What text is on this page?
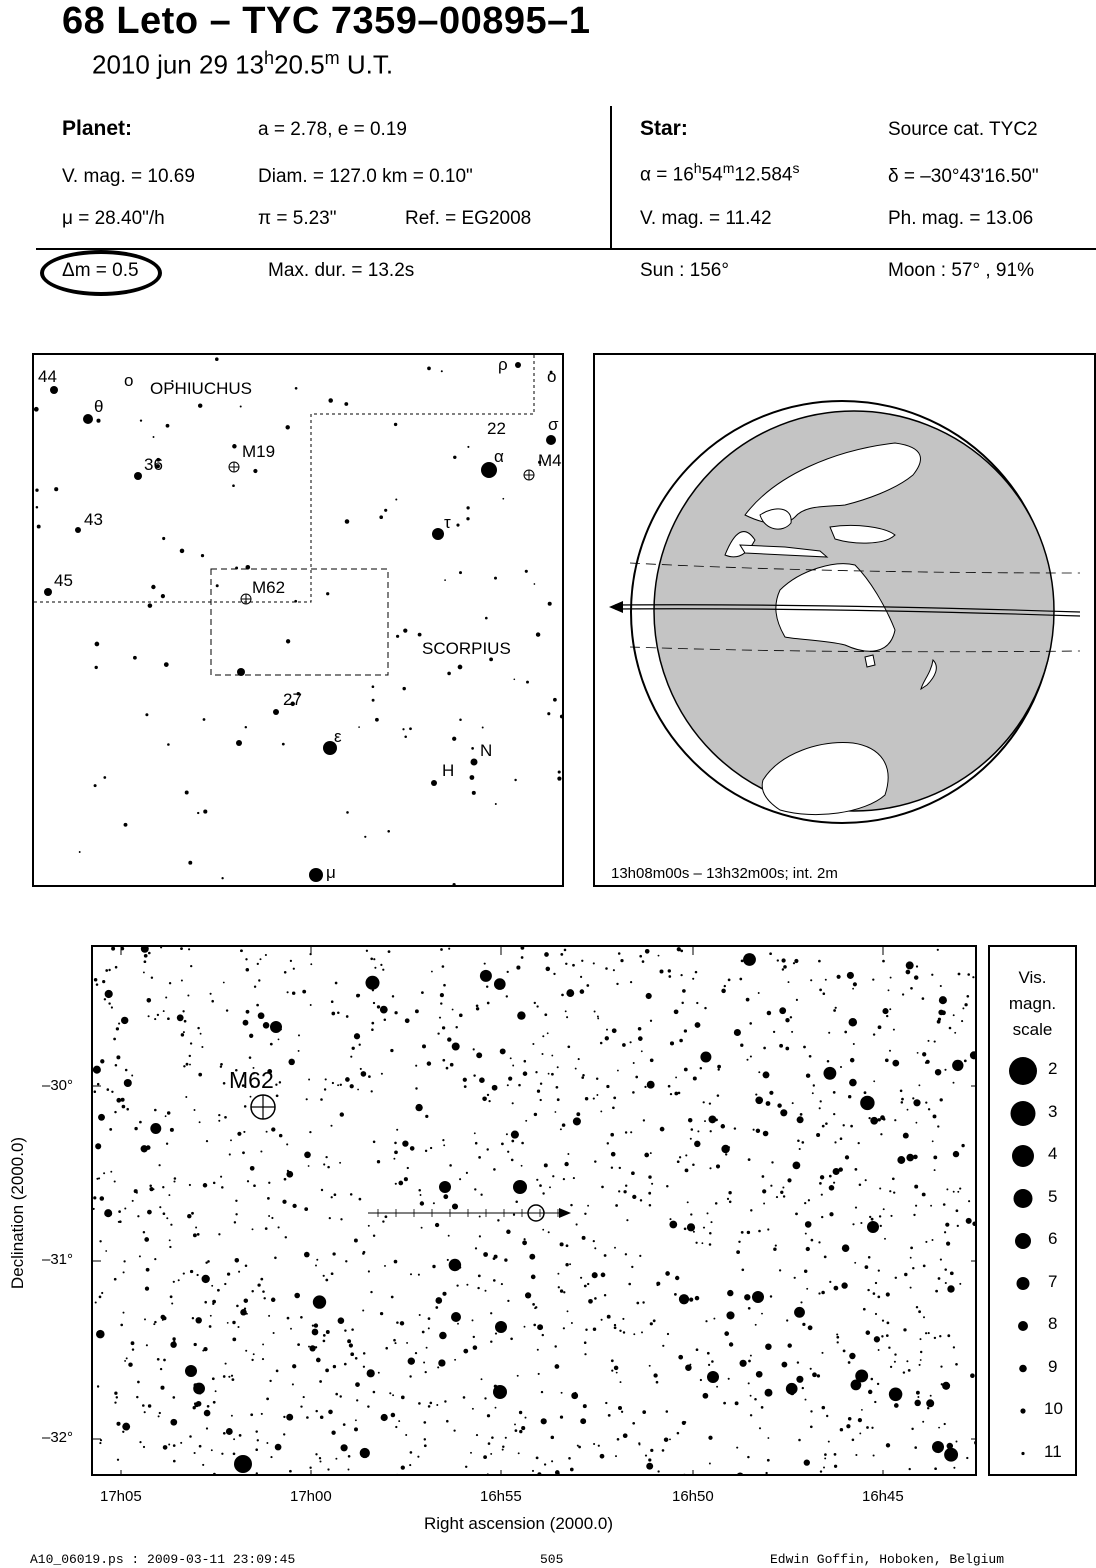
68 Leto – TYC 7359–00895–1
2010 jun 29 13$^h$20.5$^m$ U.T.
Planet:	a = 2.78, e = 0.19
V. mag. = 10.69	Diam. = 127.0 km = 0.10"
μ = 28.40"/h	π = 5.23"	Ref. = EG2008
Star:	Source cat. TYC2
$\alpha = 16^h54^m12.584^s$	δ = –30°43'16.50"
V. mag. = 11.42	Ph. mag. = 13.06
Δm = 0.5	Max. dur. = 13.2s	Sun : 156°	Moon : 57° , 91%
OPHIUCHUS
SCORPIUS
44	ο
θ
36
43
45
M19
M62
27
ρ
ο
22 σ
α M4
τ
ε
N
H
μ	13h08m00s – 13h32m00s; int. 2m
M62
–30°
–31°
–32°
17h05	17h00	16h55	16h50	16h45
Right ascension (2000.0)
Declination (2000.0)
Vis.
magn.
scale
2
3
4
5
6
7
8
9
10
11
A10_06019.ps : 2009-03-11 23:09:45	505	Edwin Goffin, Hoboken, Belgium
